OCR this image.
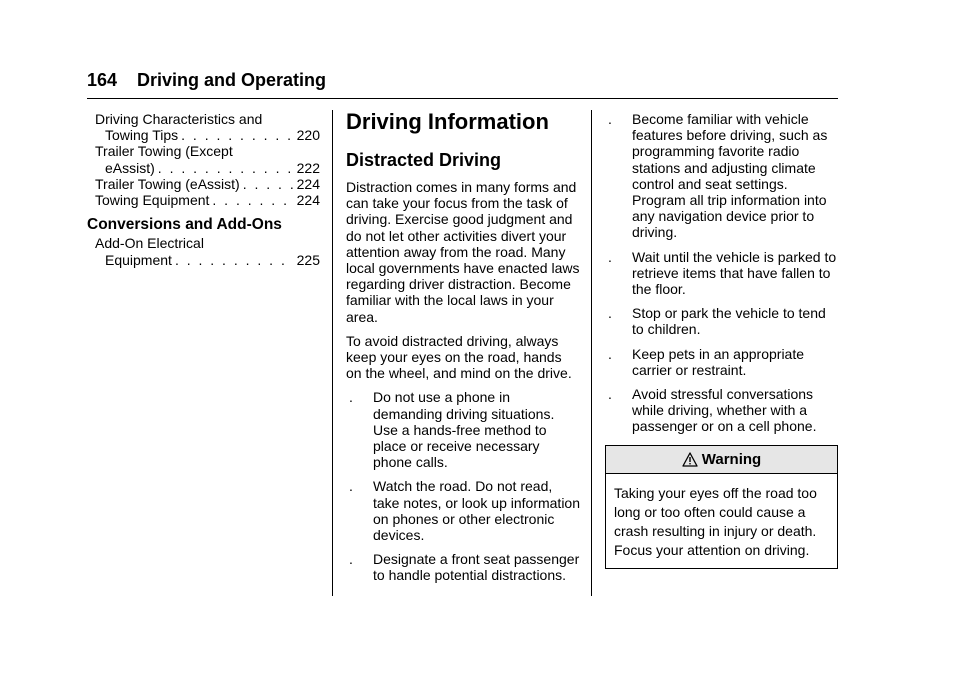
164 Driving and Operating
Driving Characteristics and
Towing Tips . . .	220
Trailer Towing (Except
eAssist) . . .	222
Trailer Towing (eAssist) . . .	224
Towing Equipment . . .	224
Conversions and Add-Ons
Add-On Electrical
Equipment . . .	225
Driving Information
Distracted Driving

Distraction comes in many forms and can take your focus from the task of driving. Exercise good judgment and do not let other activities divert your attention away from the road. Many local governments have enacted laws regarding driver distraction. Become familiar with the local laws in your area.

To avoid distracted driving, always keep your eyes on the road, hands on the wheel, and mind on the drive.

.	Do not use a phone in demanding driving situations. Use a hands-free method to place or receive necessary phone calls.
.	Watch the road. Do not read, take notes, or look up information on phones or other electronic devices.
.	Designate a front seat passenger to handle potential distractions.
.	Become familiar with vehicle features before driving, such as programming favorite radio stations and adjusting climate control and seat settings. Program all trip information into any navigation device prior to driving.
.	Wait until the vehicle is parked to retrieve items that have fallen to the floor.
.	Stop or park the vehicle to tend to children.
.	Keep pets in an appropriate carrier or restraint.
.	Avoid stressful conversations while driving, whether with a passenger or on a cell phone.
Warning
Taking your eyes off the road too long or too often could cause a crash resulting in injury or death. Focus your attention on driving.
